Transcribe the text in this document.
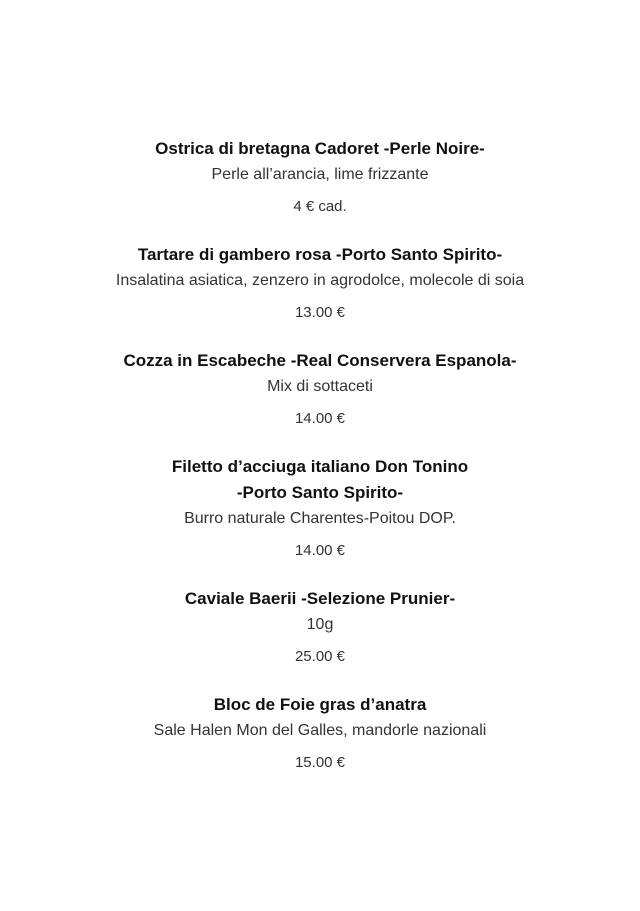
Ostrica di bretagna Cadoret -Perle Noire-
Perle all’arancia, lime frizzante
4 € cad.
Tartare di gambero rosa -Porto Santo Spirito-
Insalatina asiatica, zenzero in agrodolce, molecole di soia
13.00 €
Cozza in Escabeche -Real Conservera Espanola-
Mix di sottaceti
14.00 €
Filetto d’acciuga italiano Don Tonino
-Porto Santo Spirito-
Burro naturale Charentes-Poitou DOP.
14.00 €
Caviale Baerii -Selezione Prunier-
10g
25.00 €
Bloc de Foie gras d’anatra
Sale Halen Mon del Galles, mandorle nazionali
15.00 €
